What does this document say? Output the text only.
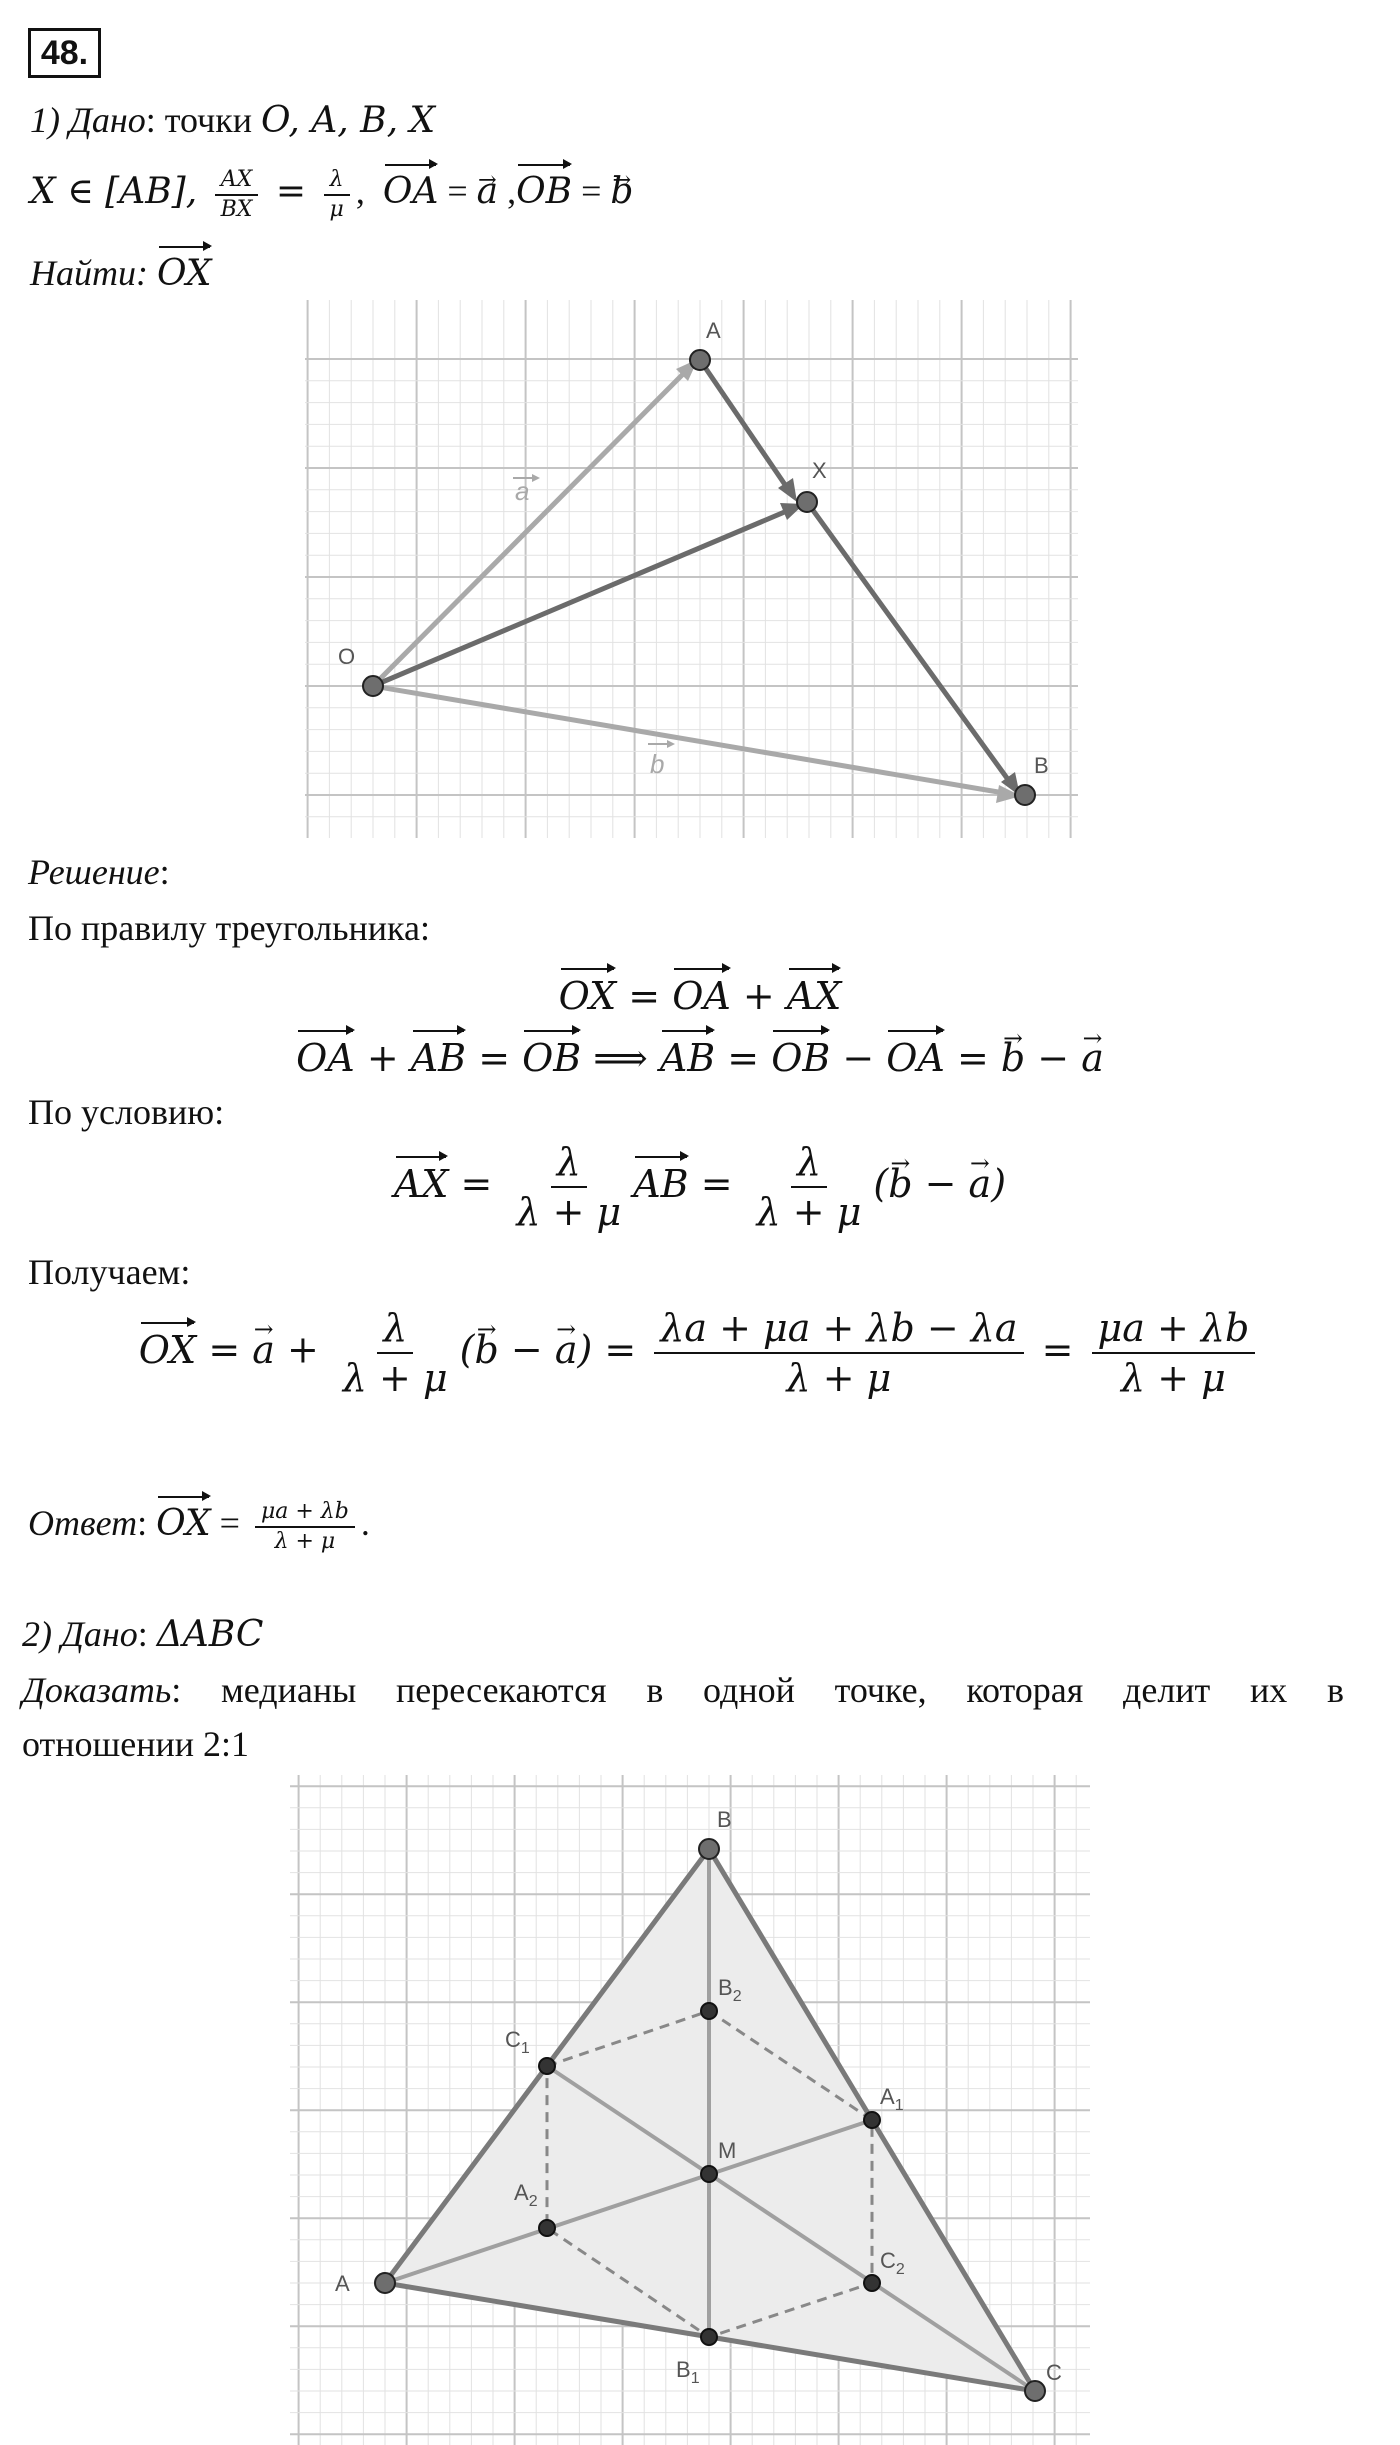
48.
1) Дано: точки O, A, B, X
X ∈ [AB], $\frac{AX}{BX} = \frac{\lambda}{\mu}$ ,  OA = a → ,OB = b →
Найти: OX
O
A
X
B
a
b
Решение:
По правилу треугольника:
OX = OA + AX
OA + AB = OB ⟹ AB = OB − OA = b → − a →
По условию:
AX = $\frac{\lambda}{\lambda + \mu}$ AB = $\frac{\lambda}{\lambda + \mu} (b$ → − a →)
Получаем:
OX = a → + $\frac{\lambda}{\lambda + \mu} (b$ → − a →) = $\frac{\lambda a + \mu a + \lambda b - \lambda a}{\lambda + \mu} = \frac{\mu a + \lambda b}{\lambda + \mu}$
Ответ: OX = $\frac{\mu a + \lambda b}{\lambda + \mu}$ .
2) Дано: ΔABC
Доказать: медианы пересекаются в одной точке, которая делит их в
отношении 2:1
A
B
C
M
$A_1$
$B_1$
$C_1$
$A_2$
$B_2$
$C_2$
